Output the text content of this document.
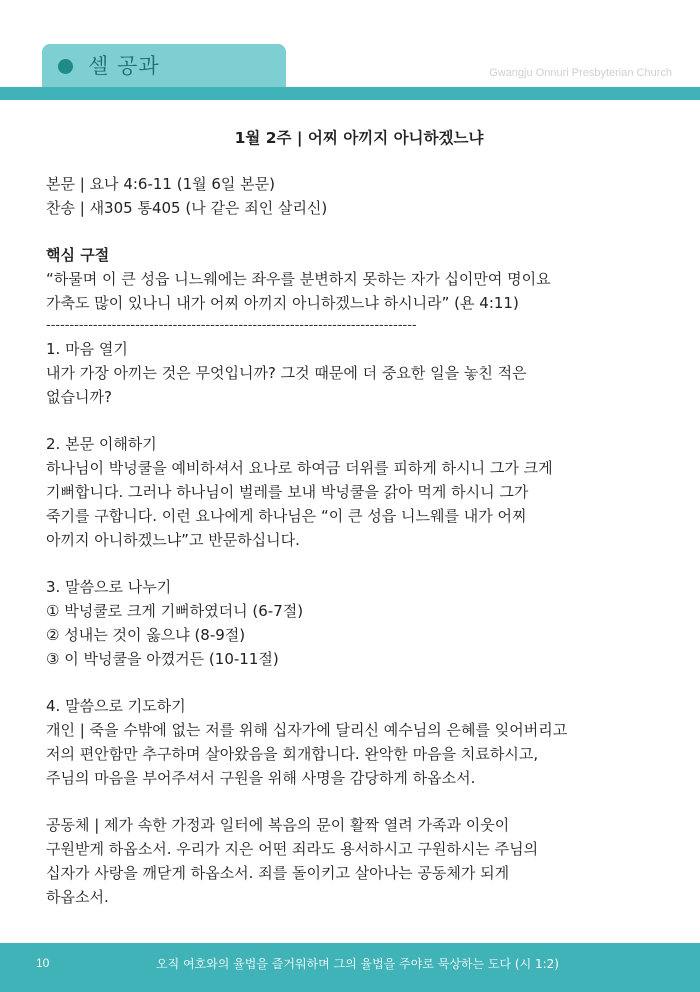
셀 공과	Gwangju Onnuri Presbyterian Church
1월 2주 | 어찌 아끼지 아니하겠느냐
본문 | 요나 4:6-11 (1월 6일 본문)
찬송 | 새305 통405 (나 같은 죄인 살리신)
핵심 구절
“하물며 이 큰 성읍 니느웨에는 좌우를 분변하지 못하는 자가 십이만여 명이요
가축도 많이 있나니 내가 어찌 아끼지 아니하겠느냐 하시니라” (욘 4:11)
-------------------------------------------------------------------------------
1. 마음 열기
내가 가장 아끼는 것은 무엇입니까? 그것 때문에 더 중요한 일을 놓친 적은
없습니까?
2. 본문 이해하기
하나님이 박넝쿨을 예비하셔서 요나로 하여금 더위를 피하게 하시니 그가 크게
기뻐합니다. 그러나 하나님이 벌레를 보내 박넝쿨을 갉아 먹게 하시니 그가
죽기를 구합니다. 이런 요나에게 하나님은 “이 큰 성읍 니느웨를 내가 어찌
아끼지 아니하겠느냐”고 반문하십니다.
3. 말씀으로 나누기
① 박넝쿨로 크게 기뻐하였더니 (6-7절)
② 성내는 것이 옳으냐 (8-9절)
③ 이 박넝쿨을 아꼈거든 (10-11절)
4. 말씀으로 기도하기
개인 | 죽을 수밖에 없는 저를 위해 십자가에 달리신 예수님의 은혜를 잊어버리고
저의 편안함만 추구하며 살아왔음을 회개합니다. 완악한 마음을 치료하시고,
주님의 마음을 부어주셔서 구원을 위해 사명을 감당하게 하옵소서.
공동체 | 제가 속한 가정과 일터에 복음의 문이 활짝 열려 가족과 이웃이
구원받게 하옵소서. 우리가 지은 어떤 죄라도 용서하시고 구원하시는 주님의
십자가 사랑을 깨닫게 하옵소서. 죄를 돌이키고 살아나는 공동체가 되게
하옵소서.
10	오직 여호와의 율법을 즐거워하며 그의 율법을 주야로 묵상하는 도다 (시 1:2)
